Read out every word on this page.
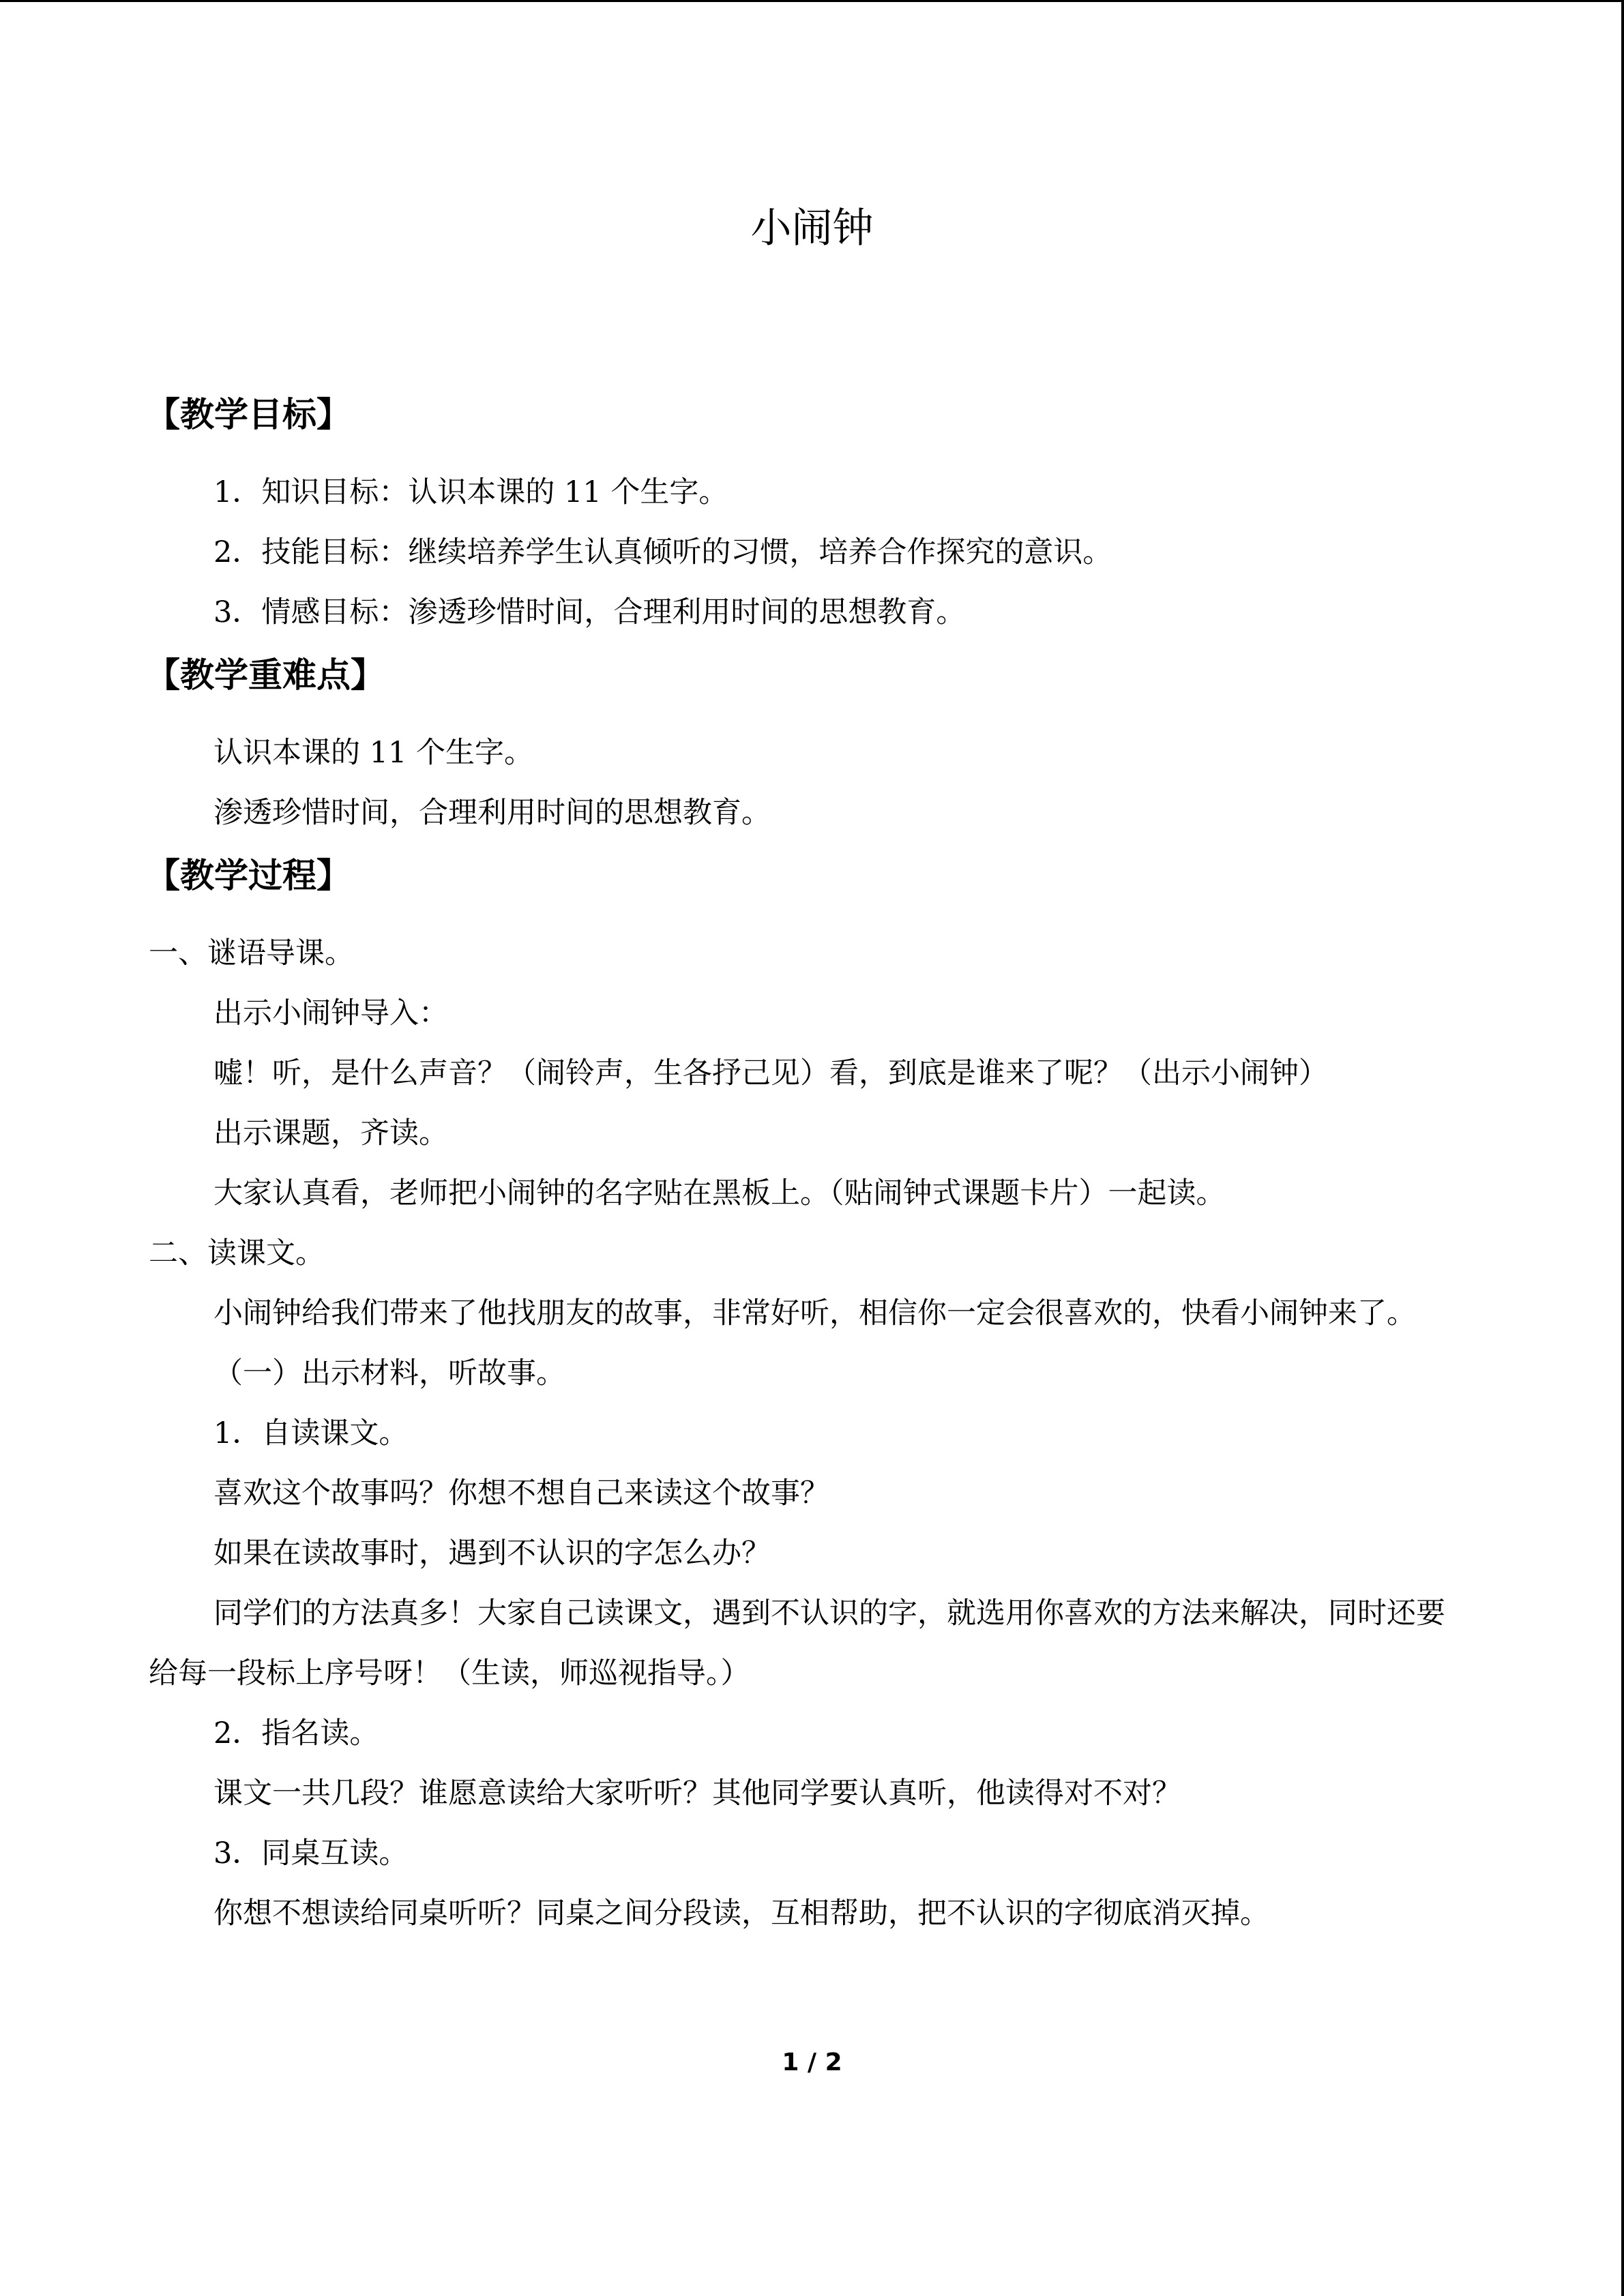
小闹钟
【教学目标】

1．知识目标：认识本课的 11 个生字。

2．技能目标：继续培养学生认真倾听的习惯，培养合作探究的意识。

3．情感目标：渗透珍惜时间，合理利用时间的思想教育。

【教学重难点】

认识本课的 11 个生字。

渗透珍惜时间，合理利用时间的思想教育。

【教学过程】

一、谜语导课。

出示小闹钟导入：

嘘！听，是什么声音？（闹铃声，生各抒己见）看，到底是谁来了呢？（出示小闹钟）

出示课题，齐读。

大家认真看，老师把小闹钟的名字贴在黑板上。（贴闹钟式课题卡片）一起读。

二、读课文。

小闹钟给我们带来了他找朋友的故事，非常好听，相信你一定会很喜欢的，快看小闹钟来了。

（一）出示材料，听故事。

1．自读课文。

喜欢这个故事吗？你想不想自己来读这个故事？

如果在读故事时，遇到不认识的字怎么办？

同学们的方法真多！大家自己读课文，遇到不认识的字，就选用你喜欢的方法来解决，同时还要给每一段标上序号呀！（生读，师巡视指导。）

2．指名读。

课文一共几段？谁愿意读给大家听听？其他同学要认真听，他读得对不对？

3．同桌互读。

你想不想读给同桌听听？同桌之间分段读，互相帮助，把不认识的字彻底消灭掉。

1 / 2
